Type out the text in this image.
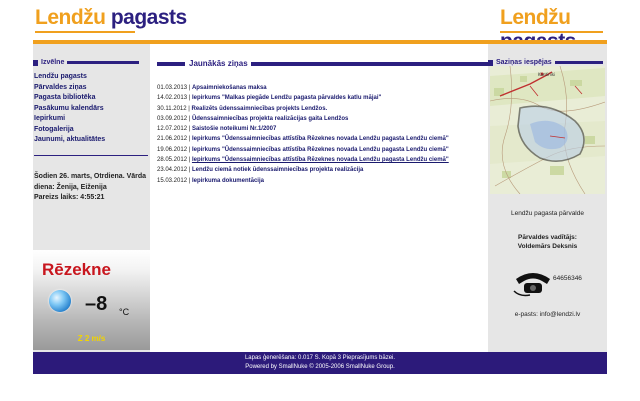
Lendžu pagasts	Lendžu
Izvēlne
Lendžu pagasts
Pārvaldes ziņas
Pagasta bibliotēka
Pasākumu kalendārs
Iepirkumi
Fotogalerija
Jaunumi, aktualitātes
Šodien 26. marts, Otrdiena. Vārda
diena: Ženija, Eiženija
Pareizs laiks: 4:55:21
Rēzekne
–8 °C
Z 2 m/s
Jaunākās ziņas
01.03.2013 | Apsaimniekošanas maksa
14.02.2013 | Iepirkums "Malkas piegāde Lendžu pagasta pārvaldes katlu mājai"
30.11.2012 | Realizēts ūdenssaimniecības projekts Lendžos.
03.09.2012 | Ūdenssaimniecības projekta realizācijas gaita Lendžos
12.07.2012 | Saistošie noteikumi Nr.1/2007
21.06.2012 | Iepirkums "Ūdenssaimniecības attīstība Rēzeknes novada Lendžu pagasta Lendžu ciemā"
19.06.2012 | Iepirkums "Ūdenssaimniecības attīstība Rēzeknes novada Lendžu pagasta Lendžu ciemā"
28.05.2012 | Iepirkums "Ūdenssaimniecības attīstība Rēzeknes novada Lendžu pagasta Lendžu ciemā"
23.04.2012 | Lendžu ciemā notiek ūdenssaimniecības projekta realizācija
15.03.2012 | Iepirkuma dokumentācija
Saziņas iespējas
Kantiniki
Lendžu pagasta pārvalde
Pārvaldes vadītājs:
Voldemārs Deksnis
64656346
e-pasts: info@lendzi.lv
Lapas ģenerēšana: 0.017 S. Kopā 3 Pieprasījums bāzei.
Powered by SmallNuke © 2005-2006 SmallNuke Group.
